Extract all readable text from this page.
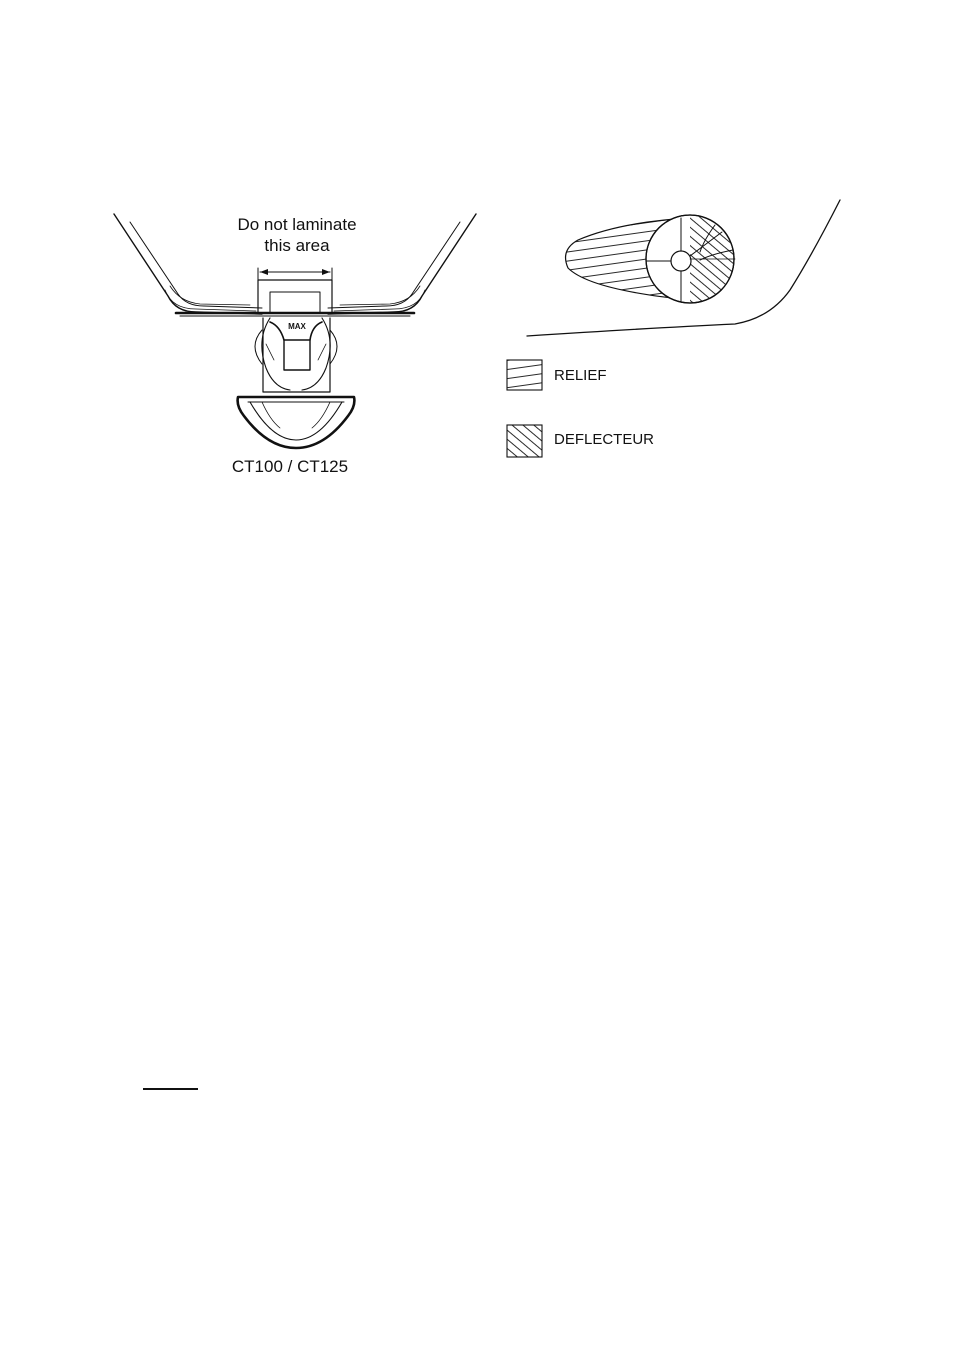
MAX
Do not laminate
this area
CT100 / CT125
RELIEF
DEFLECTEUR
